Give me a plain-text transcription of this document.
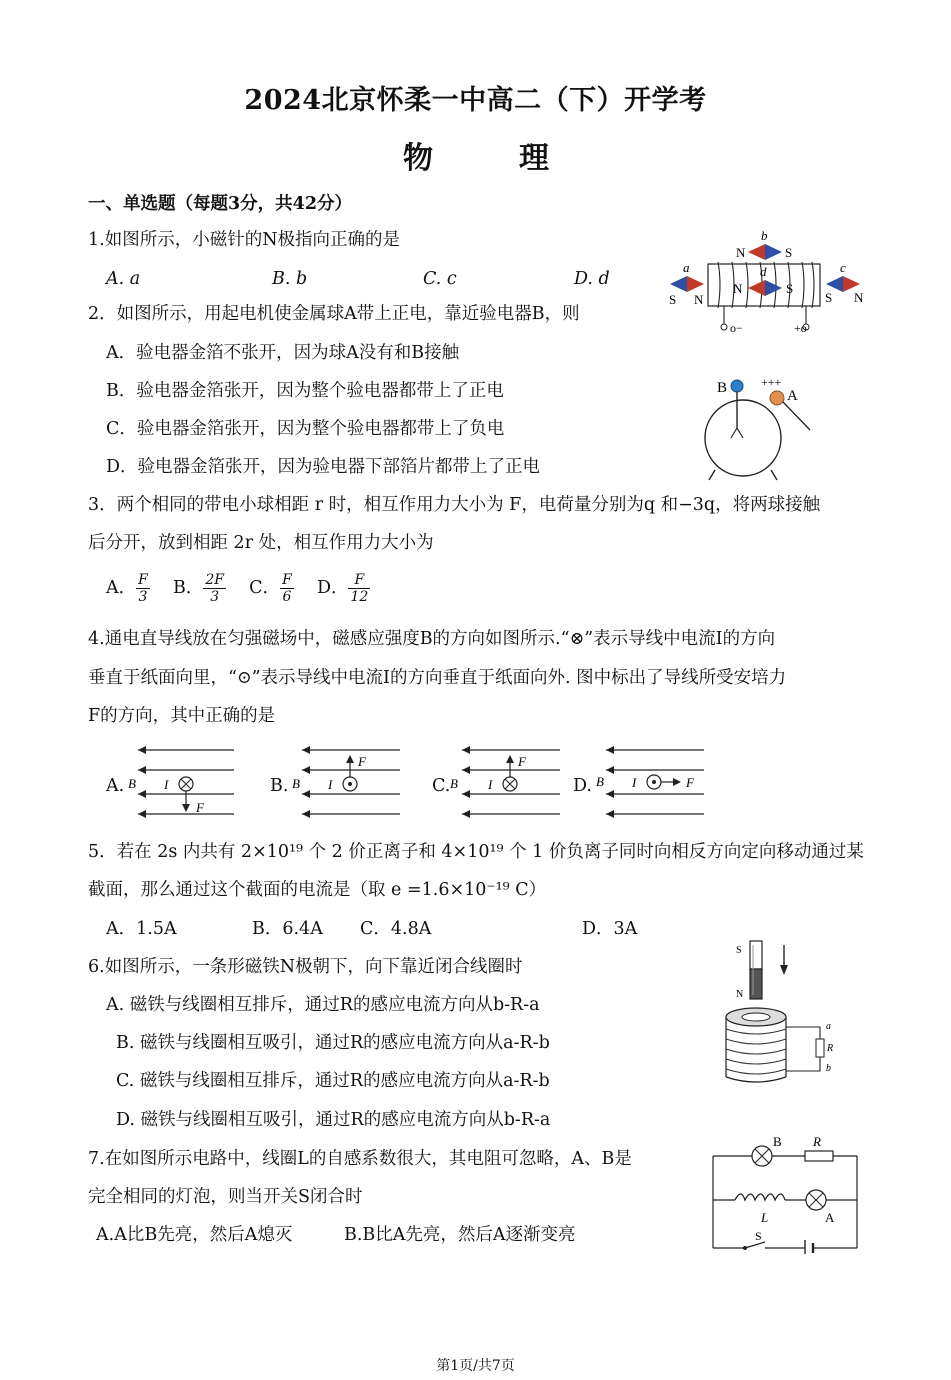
2024北京怀柔一中高二（下）开学考
物　理
一、单选题（每题3分，共42分）
1.如图所示，小磁针的N极指向正确的是
A. a	B. b	C. c	D. d
o−	+o
N	S
b
N	S
d
S N
a
S N
c
2．如图所示，用起电机使金属球A带上正电，靠近验电器B，则
A．验电器金箔不张开，因为球A没有和B接触
B．验电器金箔张开，因为整个验电器都带上了正电
C．验电器金箔张开，因为整个验电器都带上了负电
D．验电器金箔张开，因为验电器下部箔片都带上了正电
B	A
+++
3．两个相同的带电小球相距 r 时，相互作用力大小为 F，电荷量分别为q 和−3q，将两球接触
后分开，放到相距 2r 处，相互作用力大小为
A． $\frac{F}{3}$ B． $\frac{2F}{3}$ C． $\frac{F}{6}$ D． $\frac{F}{12}$
4.通电直导线放在匀强磁场中，磁感应强度B的方向如图所示.“⊗”表示导线中电流I的方向
垂直于纸面向里，“⊙”表示导线中电流I的方向垂直于纸面向外. 图中标出了导线所受安培力
F的方向，其中正确的是
A.	B.	C.	D.
B I
F
B I
F
B I
F
B I	F
5．若在 2s 内共有 2×10¹⁹ 个 2 价正离子和 4×10¹⁹ 个 1 价负离子同时向相反方向定向移动通过某
截面，那么通过这个截面的电流是（取 e =1.6×10⁻¹⁹ C）
A．1.5A	B．6.4A C．4.8A	D．3A
6.如图所示，一条形磁铁N极朝下，向下靠近闭合线圈时
A. 磁铁与线圈相互排斥，通过R的感应电流方向从b-R-a
B. 磁铁与线圈相互吸引，通过R的感应电流方向从a-R-b
C. 磁铁与线圈相互排斥，通过R的感应电流方向从a-R-b
D. 磁铁与线圈相互吸引，通过R的感应电流方向从b-R-a
S
N
a
R
b
7.在如图所示电路中，线圈L的自感系数很大，其电阻可忽略，A、B是
完全相同的灯泡，则当开关S闭合时
A.A比B先亮，然后A熄灭	B.B比A先亮，然后A逐渐变亮
B R
L	A
S
第1页/共7页
